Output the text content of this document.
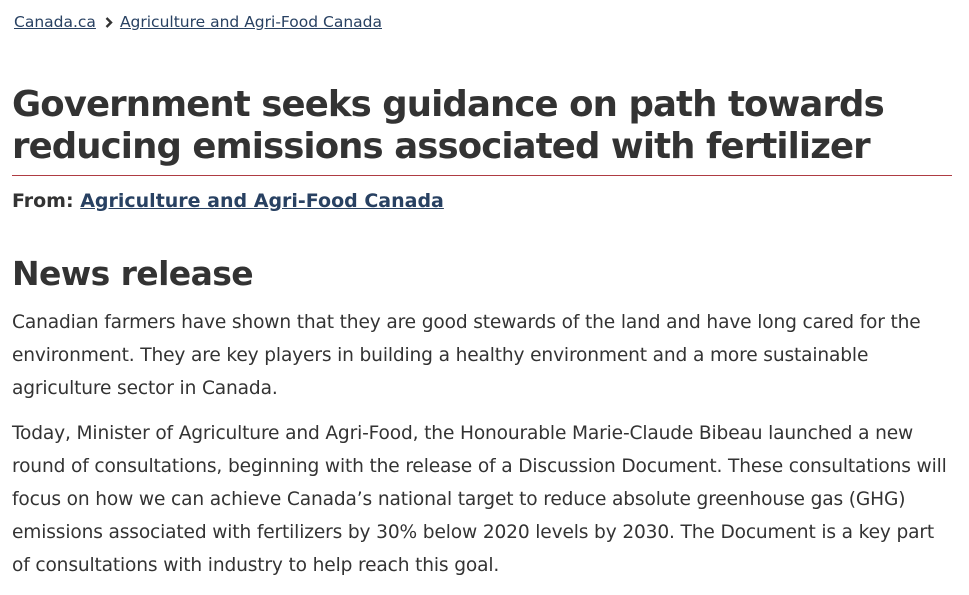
Canada.ca Agriculture and Agri-Food Canada
Government seeks guidance on path towards reducing emissions associated with fertilizer
From: Agriculture and Agri-Food Canada
News release

Canadian farmers have shown that they are good stewards of the land and have long cared for the environment. They are key players in building a healthy environment and a more sustainable agriculture sector in Canada.

Today, Minister of Agriculture and Agri-Food, the Honourable Marie-Claude Bibeau launched a new round of consultations, beginning with the release of a Discussion Document. These consultations will focus on how we can achieve Canada’s national target to reduce absolute greenhouse gas (GHG) emissions associated with fertilizers by 30% below 2020 levels by 2030. The Document is a key part of consultations with industry to help reach this goal.
